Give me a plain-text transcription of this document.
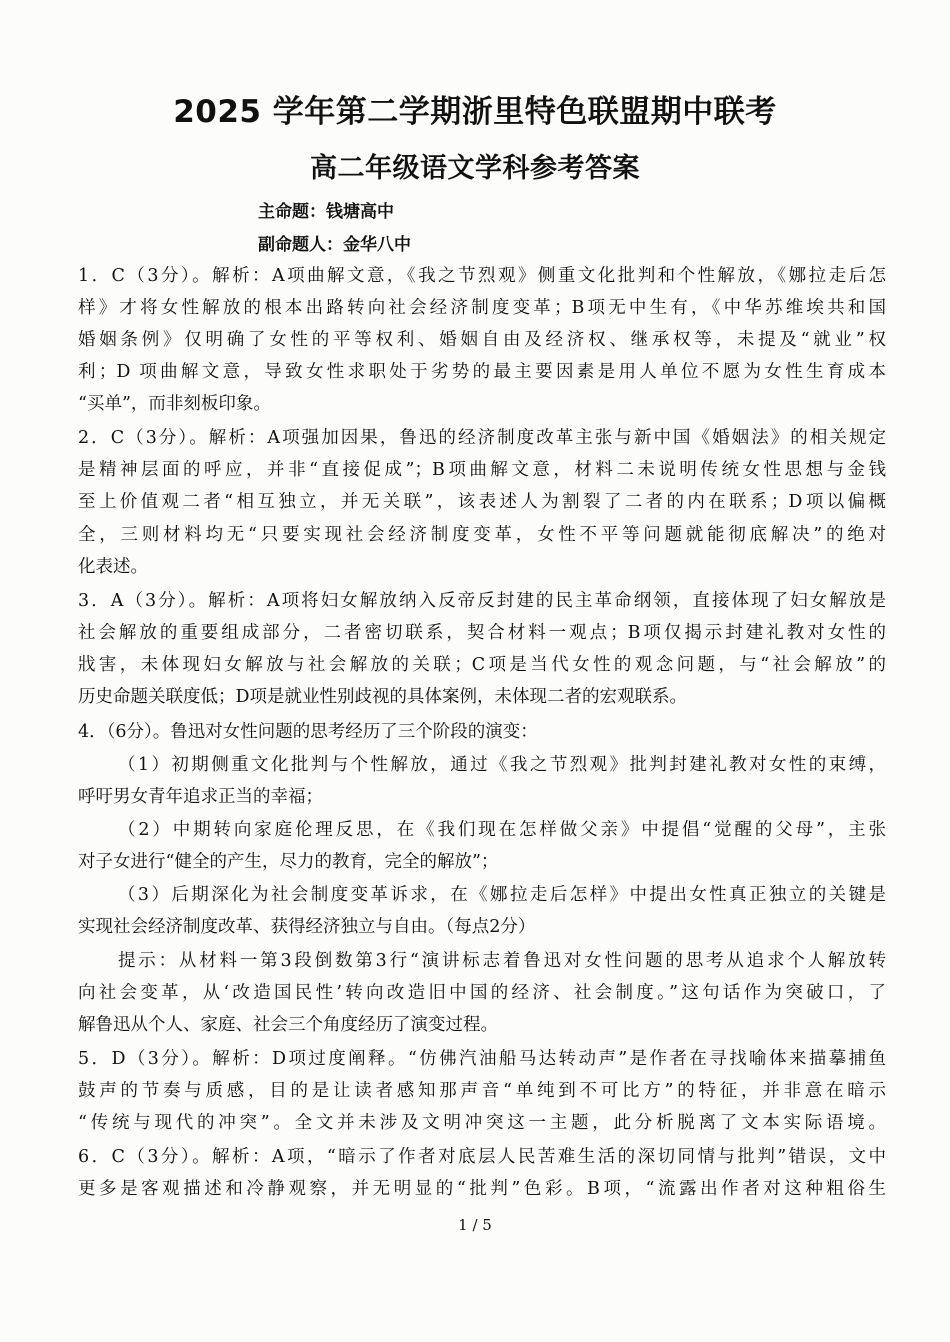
2025 学年第二学期浙里特色联盟期中联考
高二年级语文学科参考答案
主命题：钱塘高中
副命题人：金华八中
1．C（3分）。解析：A项曲解文意，《我之节烈观》侧重文化批判和个性解放，《娜拉走后怎
样》才将女性解放的根本出路转向社会经济制度变革；B项无中生有，《中华苏维埃共和国
婚姻条例》仅明确了女性的平等权利、婚姻自由及经济权、继承权等，未提及“就业”权
利；D 项曲解文意，导致女性求职处于劣势的最主要因素是用人单位不愿为女性生育成本
“买单”，而非刻板印象。
2．C（3分）。解析：A项强加因果，鲁迅的经济制度改革主张与新中国《婚姻法》的相关规定
是精神层面的呼应，并非“直接促成”；B项曲解文意，材料二未说明传统女性思想与金钱
至上价值观二者“相互独立，并无关联”，该表述人为割裂了二者的内在联系；D项以偏概
全，三则材料均无“只要实现社会经济制度变革，女性不平等问题就能彻底解决”的绝对
化表述。
3．A（3分）。解析：A项将妇女解放纳入反帝反封建的民主革命纲领，直接体现了妇女解放是
社会解放的重要组成部分，二者密切联系，契合材料一观点；B项仅揭示封建礼教对女性的
戕害，未体现妇女解放与社会解放的关联；C项是当代女性的观念问题，与“社会解放”的
历史命题关联度低；D项是就业性别歧视的具体案例，未体现二者的宏观联系。
4．（6分）。鲁迅对女性问题的思考经历了三个阶段的演变：
（1）初期侧重文化批判与个性解放，通过《我之节烈观》批判封建礼教对女性的束缚，
呼吁男女青年追求正当的幸福；
（2）中期转向家庭伦理反思，在《我们现在怎样做父亲》中提倡“觉醒的父母”，主张
对子女进行“健全的产生，尽力的教育，完全的解放”；
（3）后期深化为社会制度变革诉求，在《娜拉走后怎样》中提出女性真正独立的关键是
实现社会经济制度改革、获得经济独立与自由。（每点2分）
提示：从材料一第3段倒数第3行“演讲标志着鲁迅对女性问题的思考从追求个人解放转
向社会变革，从‘改造国民性’转向改造旧中国的经济、社会制度。”这句话作为突破口，了
解鲁迅从个人、家庭、社会三个角度经历了演变过程。
5．D（3分）。解析：D项过度阐释。“仿佛汽油船马达转动声”是作者在寻找喻体来描摹捕鱼
鼓声的节奏与质感，目的是让读者感知那声音“单纯到不可比方”的特征，并非意在暗示
“传统与现代的冲突”。全文并未涉及文明冲突这一主题，此分析脱离了文本实际语境。
6．C（3分）。解析：A项，“暗示了作者对底层人民苦难生活的深切同情与批判”错误，文中
更多是客观描述和冷静观察，并无明显的“批判”色彩。B项，“流露出作者对这种粗俗生
1 / 5
